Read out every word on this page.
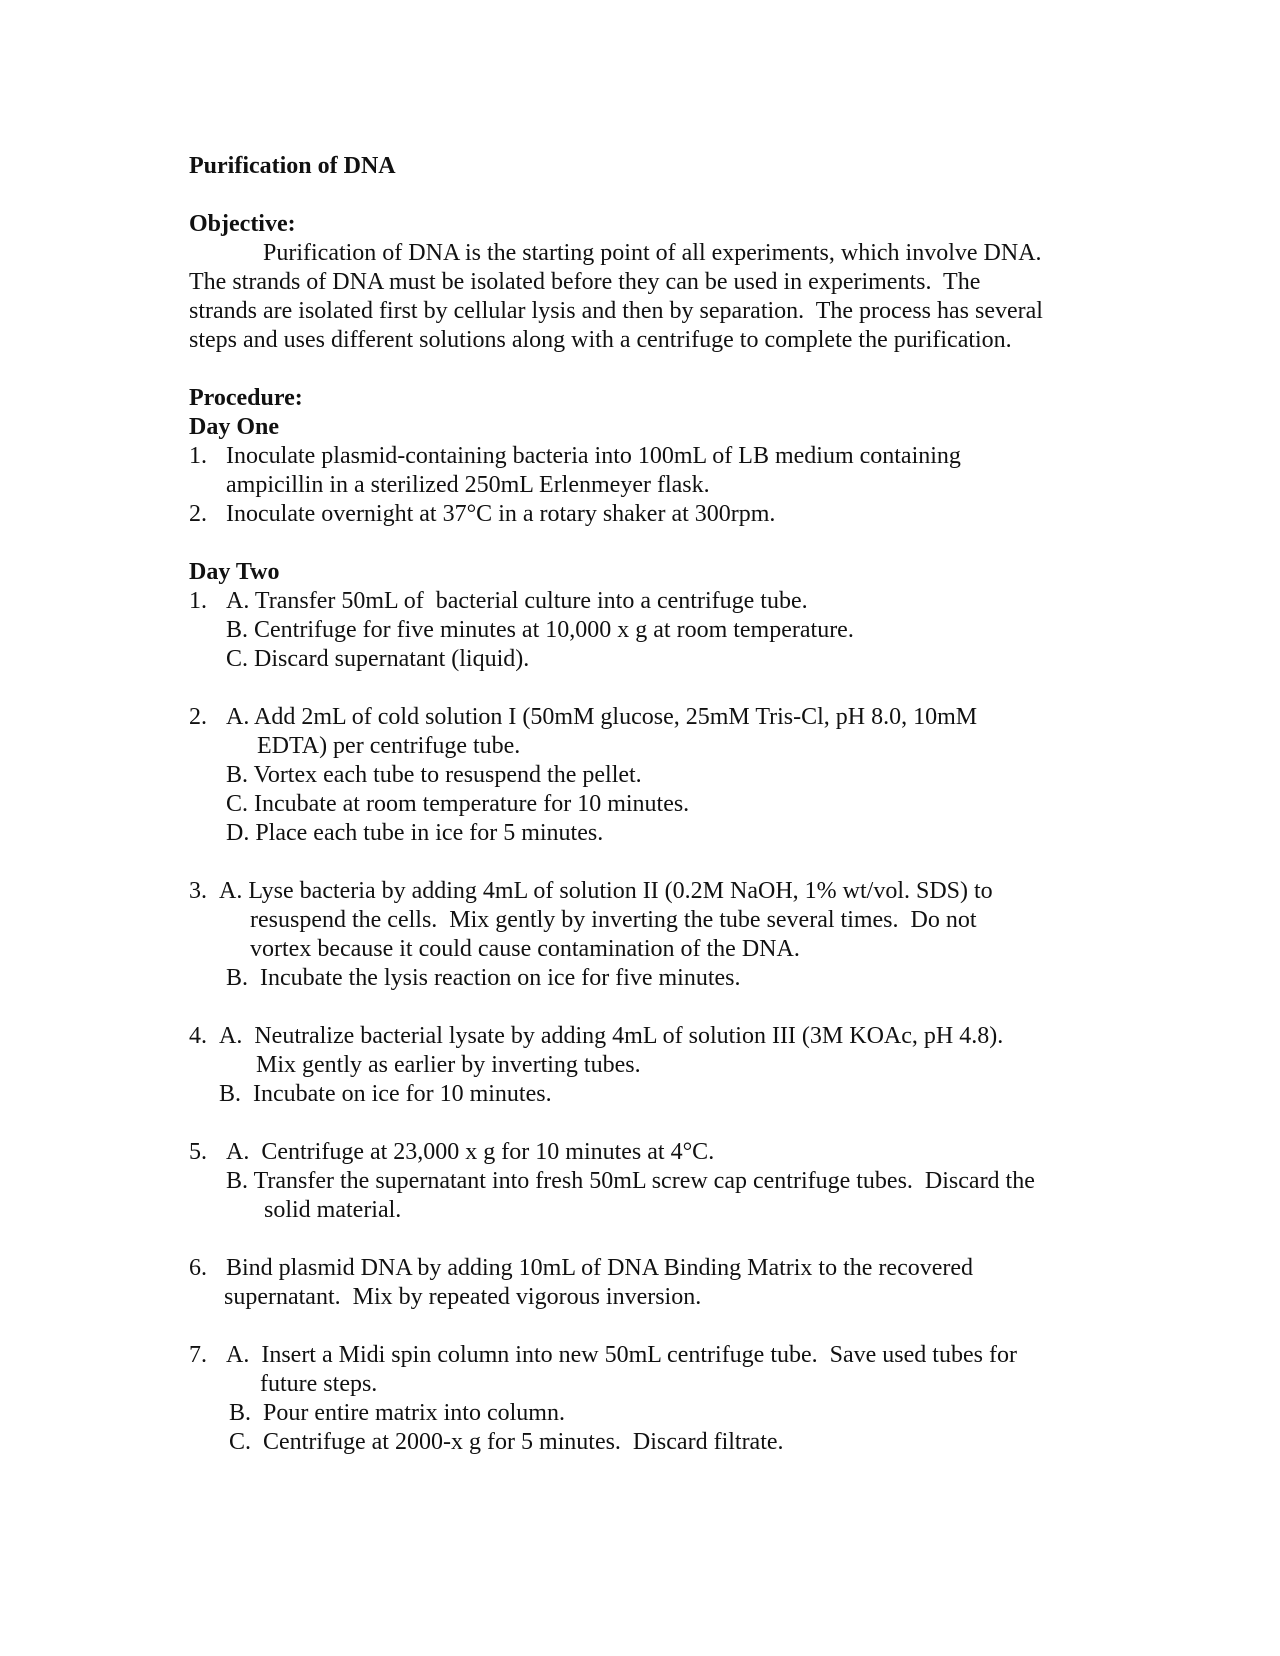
Purification of DNA
Objective:
Purification of DNA is the starting point of all experiments, which involve DNA.
The strands of DNA must be isolated before they can be used in experiments.  The
strands are isolated first by cellular lysis and then by separation.  The process has several
steps and uses different solutions along with a centrifuge to complete the purification.
Procedure:
Day One
1. Inoculate plasmid-containing bacteria into 100mL of LB medium containing
ampicillin in a sterilized 250mL Erlenmeyer flask.
2. Inoculate overnight at 37°C in a rotary shaker at 300rpm.
Day Two
1. A. Transfer 50mL of  bacterial culture into a centrifuge tube.
B. Centrifuge for five minutes at 10,000 x g at room temperature.
C. Discard supernatant (liquid).
2. A. Add 2mL of cold solution I (50mM glucose, 25mM Tris-Cl, pH 8.0, 10mM
EDTA) per centrifuge tube.
B. Vortex each tube to resuspend the pellet.
C. Incubate at room temperature for 10 minutes.
D. Place each tube in ice for 5 minutes.
3. A. Lyse bacteria by adding 4mL of solution II (0.2M NaOH, 1% wt/vol. SDS) to
resuspend the cells.  Mix gently by inverting the tube several times.  Do not
vortex because it could cause contamination of the DNA.
B.  Incubate the lysis reaction on ice for five minutes.
4. A.  Neutralize bacterial lysate by adding 4mL of solution III (3M KOAc, pH 4.8).
Mix gently as earlier by inverting tubes.
B.  Incubate on ice for 10 minutes.
5. A.  Centrifuge at 23,000 x g for 10 minutes at 4°C.
B. Transfer the supernatant into fresh 50mL screw cap centrifuge tubes.  Discard the
solid material.
6. Bind plasmid DNA by adding 10mL of DNA Binding Matrix to the recovered
supernatant.  Mix by repeated vigorous inversion.
7. A.  Insert a Midi spin column into new 50mL centrifuge tube.  Save used tubes for
future steps.
B.  Pour entire matrix into column.
C.  Centrifuge at 2000-x g for 5 minutes.  Discard filtrate.
